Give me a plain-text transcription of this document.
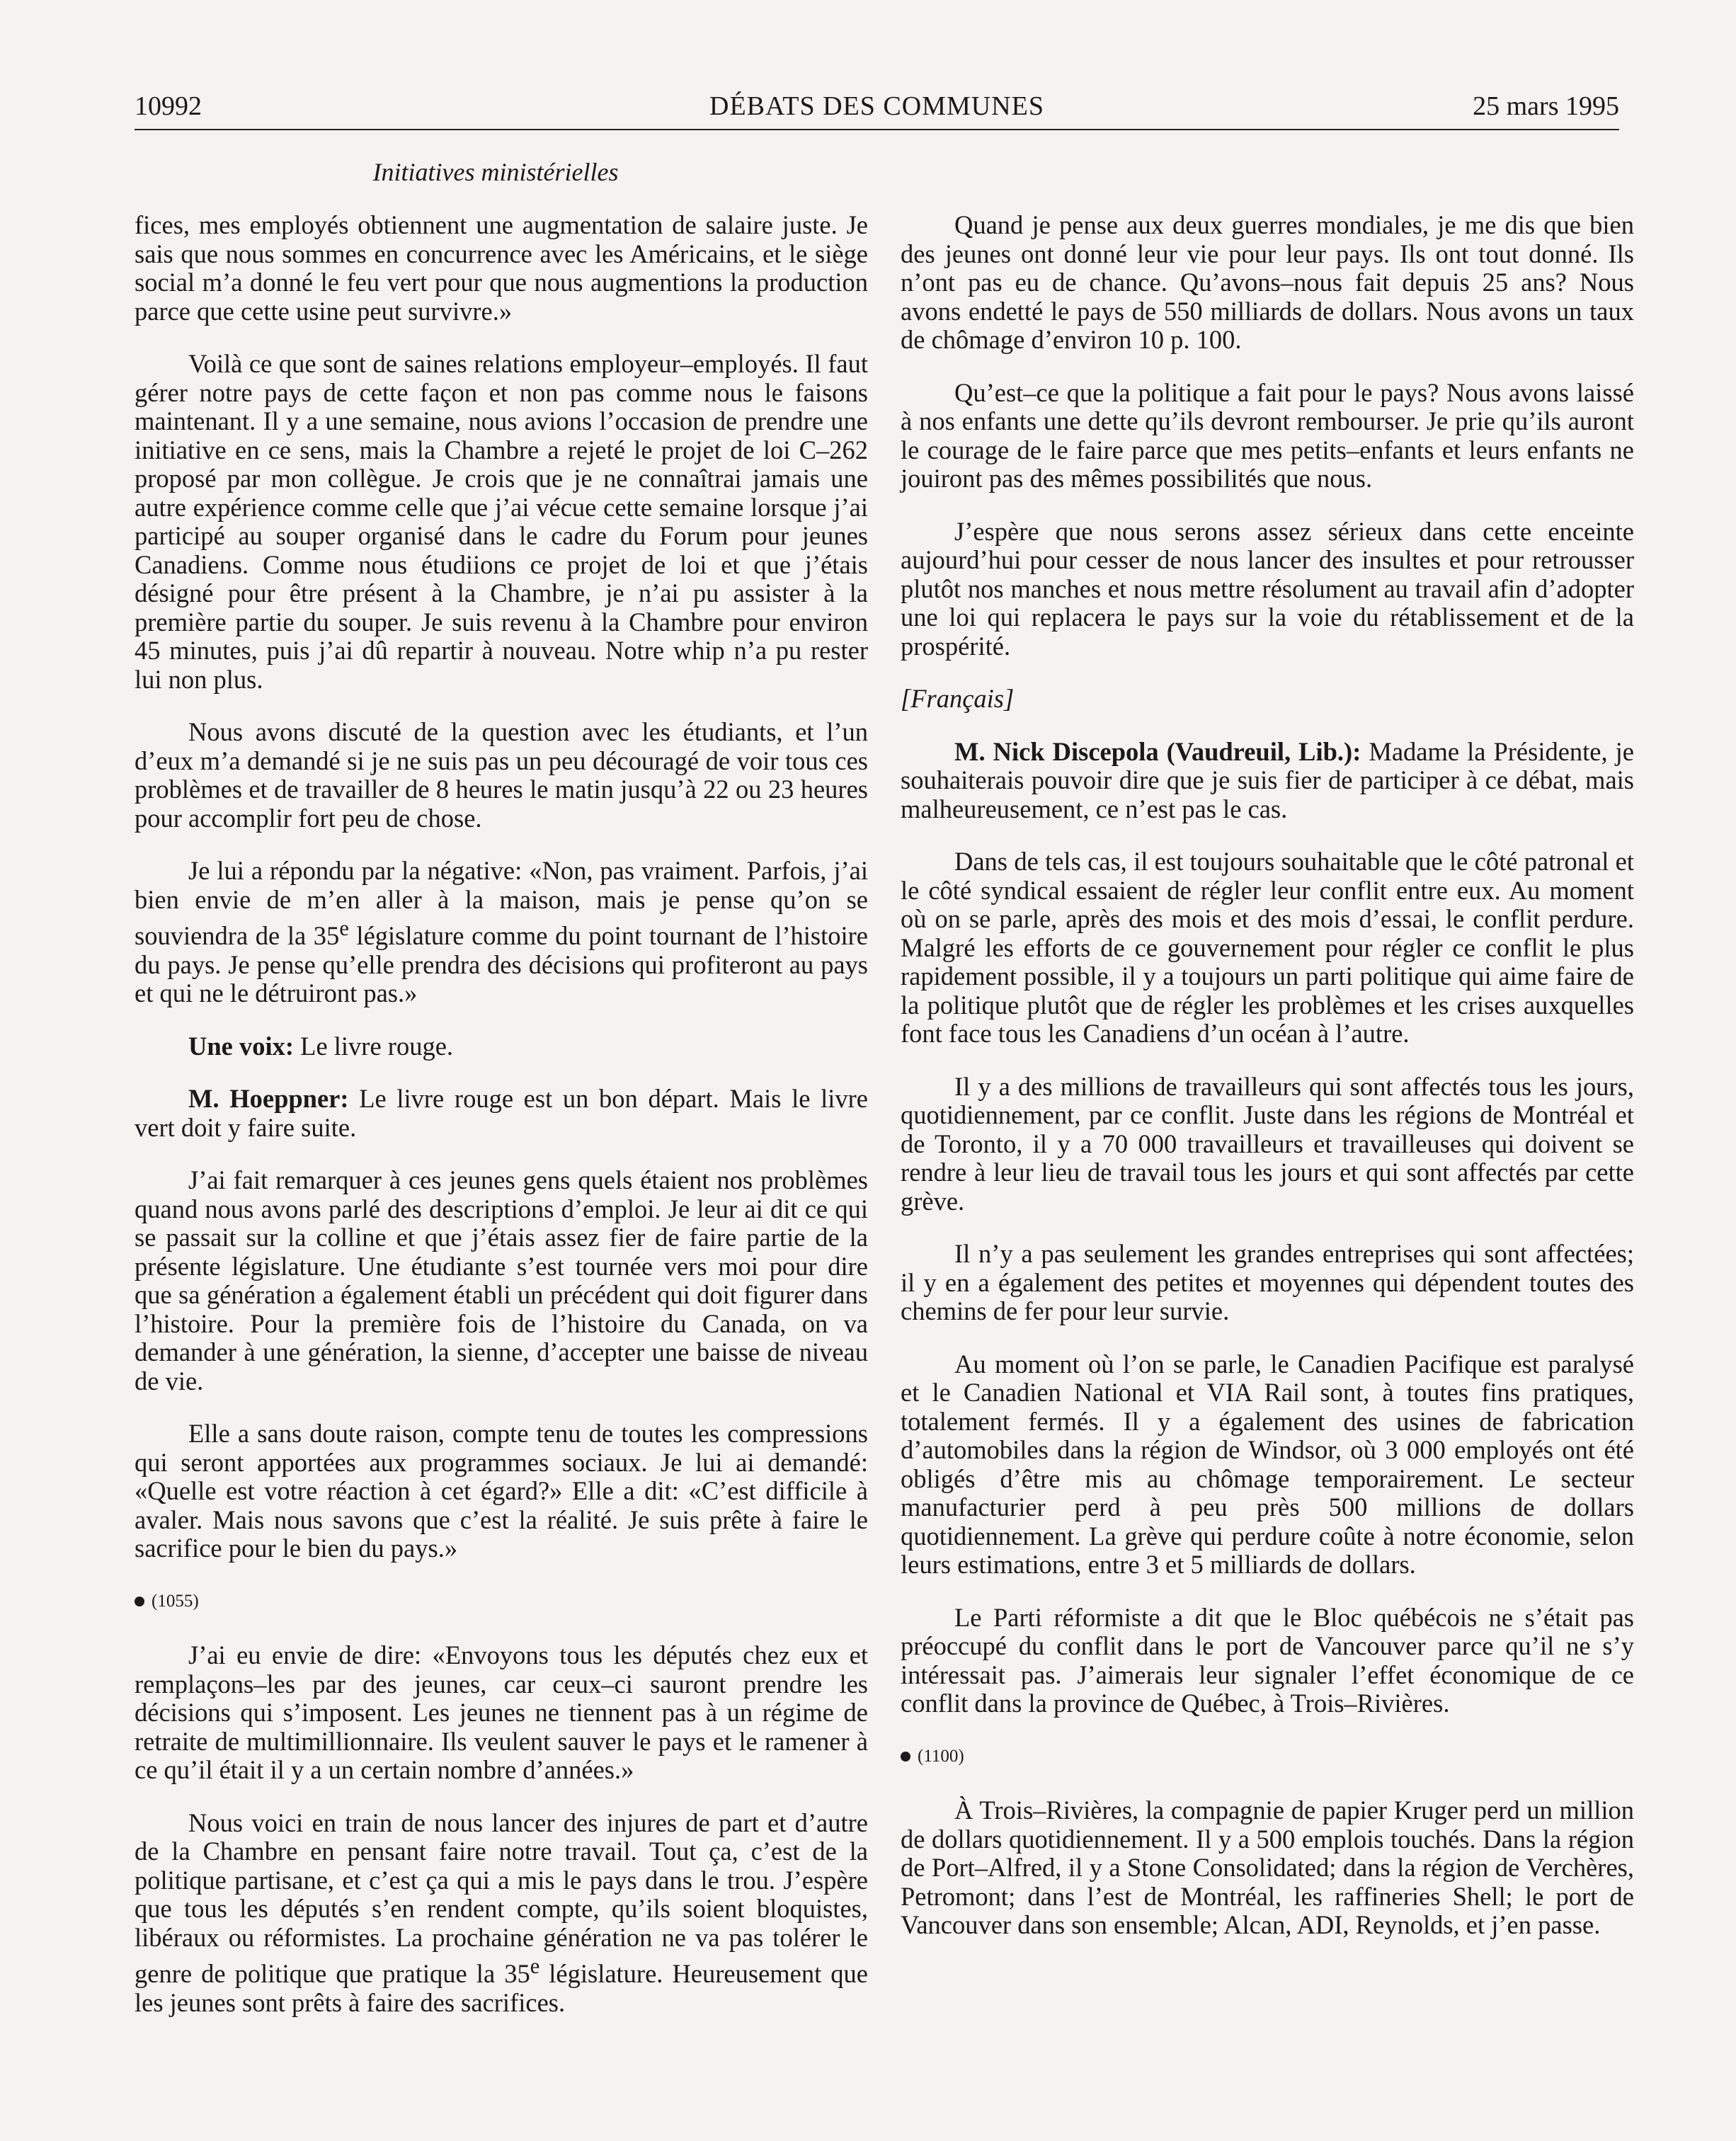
10992	DÉBATS DES COMMUNES	25 mars 1995
Initiatives ministérielles

fices, mes employés obtiennent une augmentation de salaire juste. Je sais que nous sommes en concurrence avec les Américains, et le siège social m’a donné le feu vert pour que nous augmentions la production parce que cette usine peut survivre.»

Voilà ce que sont de saines relations employeur–employés. Il faut gérer notre pays de cette façon et non pas comme nous le faisons maintenant. Il y a une semaine, nous avions l’occasion de prendre une initiative en ce sens, mais la Chambre a rejeté le projet de loi C–262 proposé par mon collègue. Je crois que je ne connaîtrai jamais une autre expérience comme celle que j’ai vécue cette semaine lorsque j’ai participé au souper organisé dans le cadre du Forum pour jeunes Canadiens. Comme nous étudiions ce projet de loi et que j’étais désigné pour être présent à la Chambre, je n’ai pu assister à la première partie du souper. Je suis revenu à la Chambre pour environ 45 minutes, puis j’ai dû repartir à nouveau. Notre whip n’a pu rester lui non plus.

Nous avons discuté de la question avec les étudiants, et l’un d’eux m’a demandé si je ne suis pas un peu découragé de voir tous ces problèmes et de travailler de 8 heures le matin jusqu’à 22 ou 23 heures pour accomplir fort peu de chose.

Je lui a répondu par la négative: «Non, pas vraiment. Parfois, j’ai bien envie de m’en aller à la maison, mais je pense qu’on se souviendra de la 35e législature comme du point tournant de l’histoire du pays. Je pense qu’elle prendra des décisions qui profiteront au pays et qui ne le détruiront pas.»

Une voix: Le livre rouge.

M. Hoeppner: Le livre rouge est un bon départ. Mais le livre vert doit y faire suite.

J’ai fait remarquer à ces jeunes gens quels étaient nos problèmes quand nous avons parlé des descriptions d’emploi. Je leur ai dit ce qui se passait sur la colline et que j’étais assez fier de faire partie de la présente législature. Une étudiante s’est tournée vers moi pour dire que sa génération a également établi un précédent qui doit figurer dans l’histoire. Pour la première fois de l’histoire du Canada, on va demander à une génération, la sienne, d’accepter une baisse de niveau de vie.

Elle a sans doute raison, compte tenu de toutes les compressions qui seront apportées aux programmes sociaux. Je lui ai demandé: «Quelle est votre réaction à cet égard?» Elle a dit: «C’est difficile à avaler. Mais nous savons que c’est la réalité. Je suis prête à faire le sacrifice pour le bien du pays.»

(1055)

J’ai eu envie de dire: «Envoyons tous les députés chez eux et remplaçons–les par des jeunes, car ceux–ci sauront prendre les décisions qui s’imposent. Les jeunes ne tiennent pas à un régime de retraite de multimillionnaire. Ils veulent sauver le pays et le ramener à ce qu’il était il y a un certain nombre d’années.»

Nous voici en train de nous lancer des injures de part et d’autre de la Chambre en pensant faire notre travail. Tout ça, c’est de la politique partisane, et c’est ça qui a mis le pays dans le trou. J’espère que tous les députés s’en rendent compte, qu’ils soient bloquistes, libéraux ou réformistes. La prochaine génération ne va pas tolérer le genre de politique que pratique la 35e législature. Heureusement que les jeunes sont prêts à faire des sacrifices.

Quand je pense aux deux guerres mondiales, je me dis que bien des jeunes ont donné leur vie pour leur pays. Ils ont tout donné. Ils n’ont pas eu de chance. Qu’avons–nous fait depuis 25 ans? Nous avons endetté le pays de 550 milliards de dollars. Nous avons un taux de chômage d’environ 10 p. 100.

Qu’est–ce que la politique a fait pour le pays? Nous avons laissé à nos enfants une dette qu’ils devront rembourser. Je prie qu’ils auront le courage de le faire parce que mes petits–enfants et leurs enfants ne jouiront pas des mêmes possibilités que nous.

J’espère que nous serons assez sérieux dans cette enceinte aujourd’hui pour cesser de nous lancer des insultes et pour retrousser plutôt nos manches et nous mettre résolument au travail afin d’adopter une loi qui replacera le pays sur la voie du rétablissement et de la prospérité.

[Français]

M. Nick Discepola (Vaudreuil, Lib.): Madame la Présidente, je souhaiterais pouvoir dire que je suis fier de participer à ce débat, mais malheureusement, ce n’est pas le cas.

Dans de tels cas, il est toujours souhaitable que le côté patronal et le côté syndical essaient de régler leur conflit entre eux. Au moment où on se parle, après des mois et des mois d’essai, le conflit perdure. Malgré les efforts de ce gouvernement pour régler ce conflit le plus rapidement possible, il y a toujours un parti politique qui aime faire de la politique plutôt que de régler les problèmes et les crises auxquelles font face tous les Canadiens d’un océan à l’autre.

Il y a des millions de travailleurs qui sont affectés tous les jours, quotidiennement, par ce conflit. Juste dans les régions de Montréal et de Toronto, il y a 70 000 travailleurs et travailleuses qui doivent se rendre à leur lieu de travail tous les jours et qui sont affectés par cette grève.

Il n’y a pas seulement les grandes entreprises qui sont affectées; il y en a également des petites et moyennes qui dépendent toutes des chemins de fer pour leur survie.

Au moment où l’on se parle, le Canadien Pacifique est paralysé et le Canadien National et VIA Rail sont, à toutes fins pratiques, totalement fermés. Il y a également des usines de fabrication d’automobiles dans la région de Windsor, où 3 000 employés ont été obligés d’être mis au chômage temporairement. Le secteur manufacturier perd à peu près 500 millions de dollars quotidiennement. La grève qui perdure coûte à notre économie, selon leurs estimations, entre 3 et 5 milliards de dollars.

Le Parti réformiste a dit que le Bloc québécois ne s’était pas préoccupé du conflit dans le port de Vancouver parce qu’il ne s’y intéressait pas. J’aimerais leur signaler l’effet économique de ce conflit dans la province de Québec, à Trois–Rivières.

(1100)

À Trois–Rivières, la compagnie de papier Kruger perd un million de dollars quotidiennement. Il y a 500 emplois touchés. Dans la région de Port–Alfred, il y a Stone Consolidated; dans la région de Verchères, Petromont; dans l’est de Montréal, les raffineries Shell; le port de Vancouver dans son ensemble; Alcan, ADI, Reynolds, et j’en passe.
